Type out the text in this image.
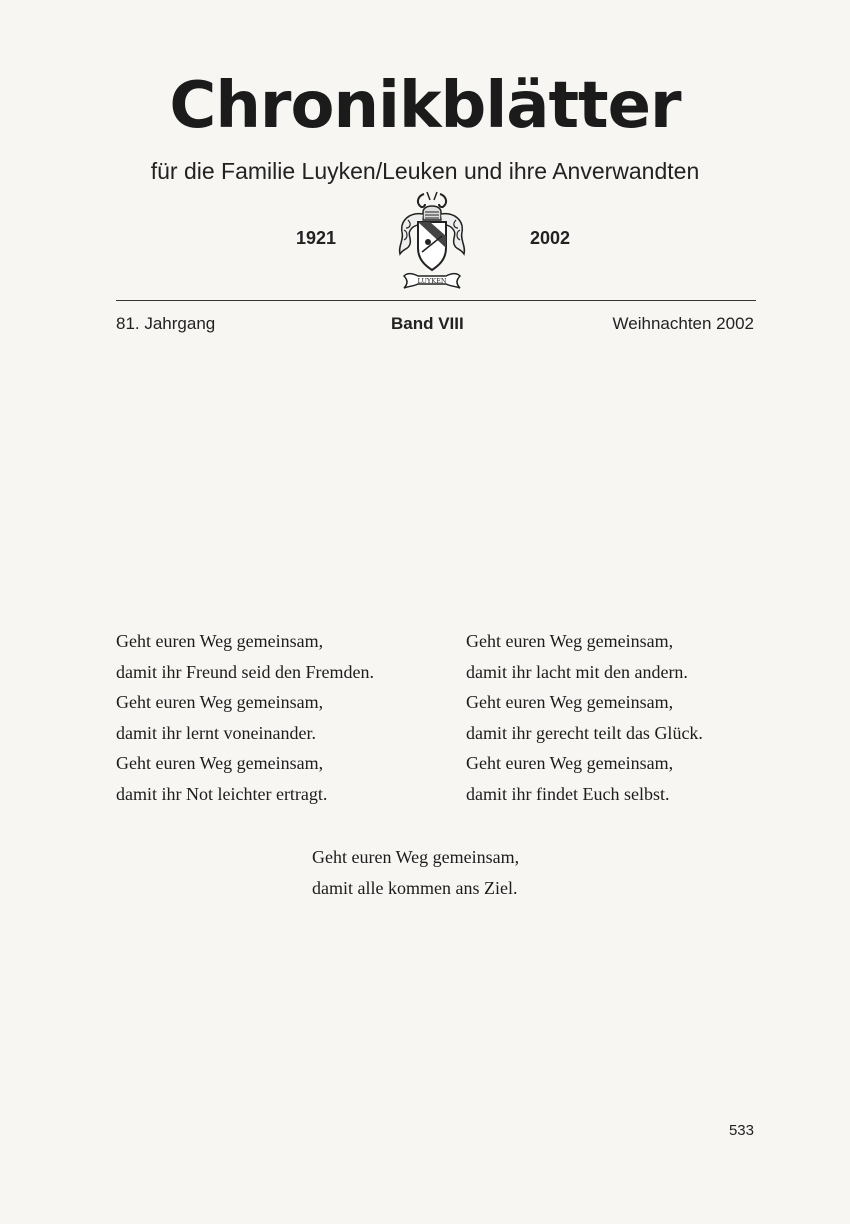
Chronikblätter
für die Familie Luyken/Leuken und ihre Anverwandten
1921
LUYKEN
2002
81. Jahrgang	Band VIII	Weihnachten 2002
Geht euren Weg gemeinsam,
damit ihr Freund seid den Fremden.
Geht euren Weg gemeinsam,
damit ihr lernt voneinander.
Geht euren Weg gemeinsam,
damit ihr Not leichter ertragt.
Geht euren Weg gemeinsam,
damit ihr lacht mit den andern.
Geht euren Weg gemeinsam,
damit ihr gerecht teilt das Glück.
Geht euren Weg gemeinsam,
damit ihr findet Euch selbst.
Geht euren Weg gemeinsam,
damit alle kommen ans Ziel.
533
